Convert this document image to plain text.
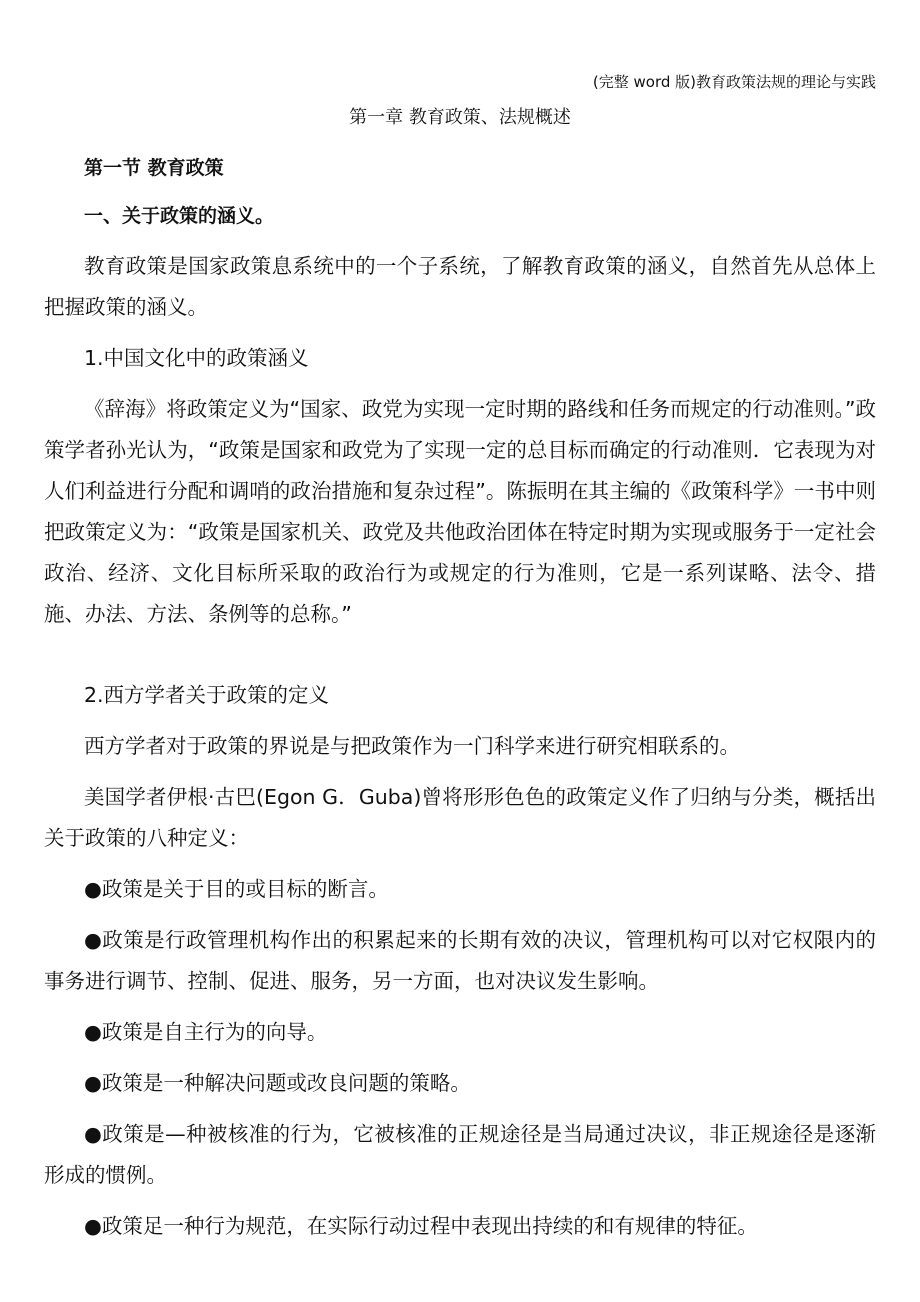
(完整 word 版)教育政策法规的理论与实践
第一章 教育政策、法规概述
第一节 教育政策
一、关于政策的涵义。

教育政策是国家政策息系统中的一个子系统，了解教育政策的涵义，自然首先从总体上把握政策的涵义。

1.中国文化中的政策涵义

《辞海》将政策定义为“国家、政党为实现一定时期的路线和任务而规定的行动准则。”政策学者孙光认为，“政策是国家和政党为了实现一定的总目标而确定的行动准则．它表现为对人们利益进行分配和调哨的政治措施和复杂过程”。陈振明在其主编的《政策科学》一书中则把政策定义为：“政策是国家机关、政党及共他政治团体在特定时期为实现或服务于一定社会政治、经济、文化目标所采取的政治行为或规定的行为准则，它是一系列谋略、法令、措施、办法、方法、条例等的总称。”

2.西方学者关于政策的定义

西方学者对于政策的界说是与把政策作为一门科学来进行研究相联系的。

美国学者伊根·古巴(Egon G．Guba)曾将形形色色的政策定义作了归纳与分类，概括出关于政策的八种定义：

●政策是关于目的或目标的断言。

●政策是行政管理机构作出的积累起来的长期有效的决议，管理机构可以对它权限内的事务进行调节、控制、促进、服务，另一方面，也对决议发生影响。

●政策是自主行为的向导。

●政策是一种解决问题或改良问题的策略。

●政策是—种被核准的行为，它被核准的正规途径是当局通过决议，非正规途径是逐渐形成的惯例。

●政策足一种行为规范，在实际行动过程中表现出持续的和有规律的特征。
